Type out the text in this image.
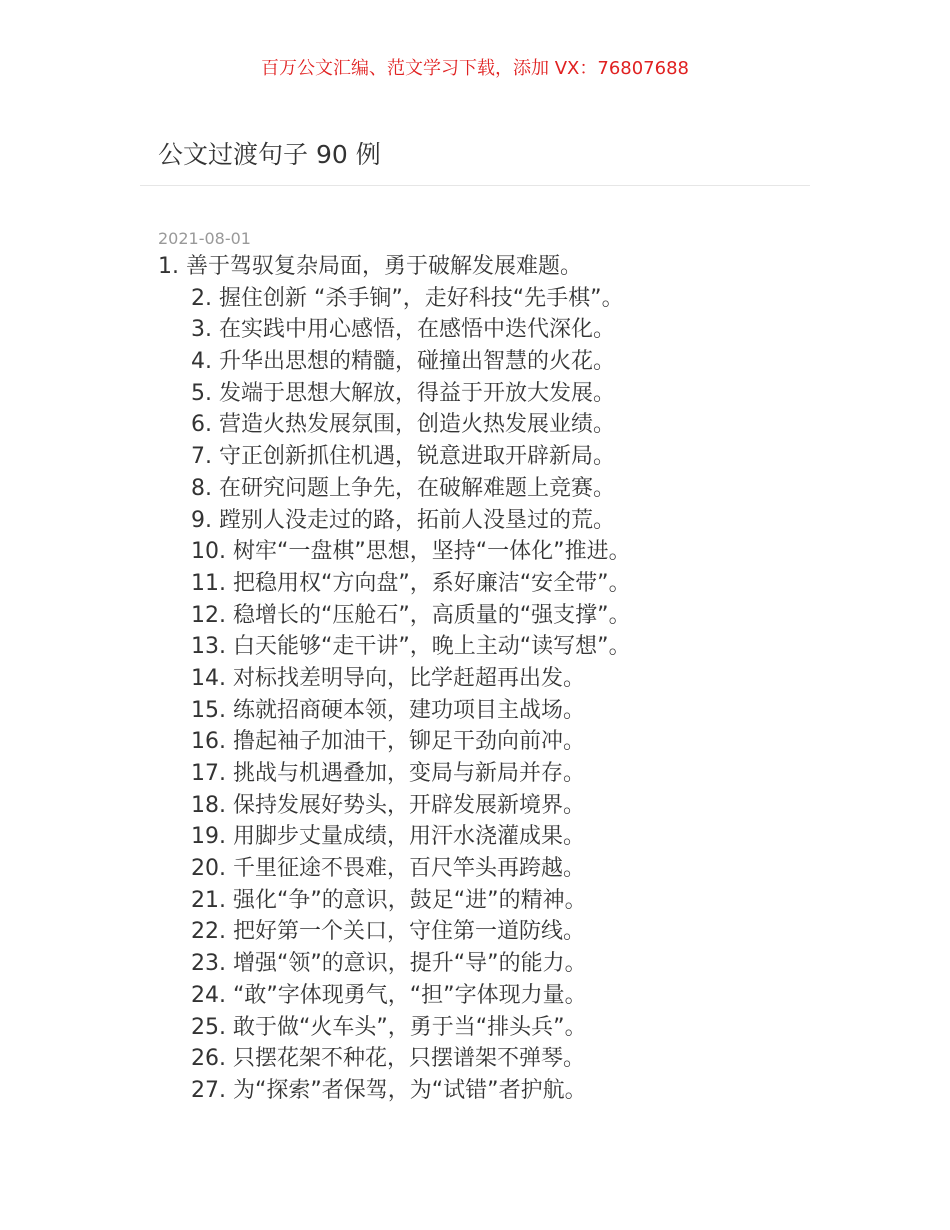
百万公文汇编、范文学习下载，添加 VX：76807688
公文过渡句子 90 例
2021-08-01
1. 善于驾驭复杂局面，勇于破解发展难题。
2. 握住创新 “杀手锏”，走好科技“先手棋”。
3. 在实践中用心感悟，在感悟中迭代深化。
4. 升华出思想的精髓，碰撞出智慧的火花。
5. 发端于思想大解放，得益于开放大发展。
6. 营造火热发展氛围，创造火热发展业绩。
7. 守正创新抓住机遇，锐意进取开辟新局。
8. 在研究问题上争先，在破解难题上竞赛。
9. 蹚别人没走过的路，拓前人没垦过的荒。
10. 树牢“一盘棋”思想，坚持“一体化”推进。
11. 把稳用权“方向盘”，系好廉洁“安全带”。
12. 稳增长的“压舱石”，高质量的“强支撑”。
13. 白天能够“走干讲”，晚上主动“读写想”。
14. 对标找差明导向，比学赶超再出发。
15. 练就招商硬本领，建功项目主战场。
16. 撸起袖子加油干，铆足干劲向前冲。
17. 挑战与机遇叠加，变局与新局并存。
18. 保持发展好势头，开辟发展新境界。
19. 用脚步丈量成绩，用汗水浇灌成果。
20. 千里征途不畏难，百尺竿头再跨越。
21. 强化“争”的意识，鼓足“进”的精神。
22. 把好第一个关口，守住第一道防线。
23. 增强“领”的意识，提升“导”的能力。
24. “敢”字体现勇气，“担”字体现力量。
25. 敢于做“火车头”，勇于当“排头兵”。
26. 只摆花架不种花，只摆谱架不弹琴。
27. 为“探索”者保驾，为“试错”者护航。
